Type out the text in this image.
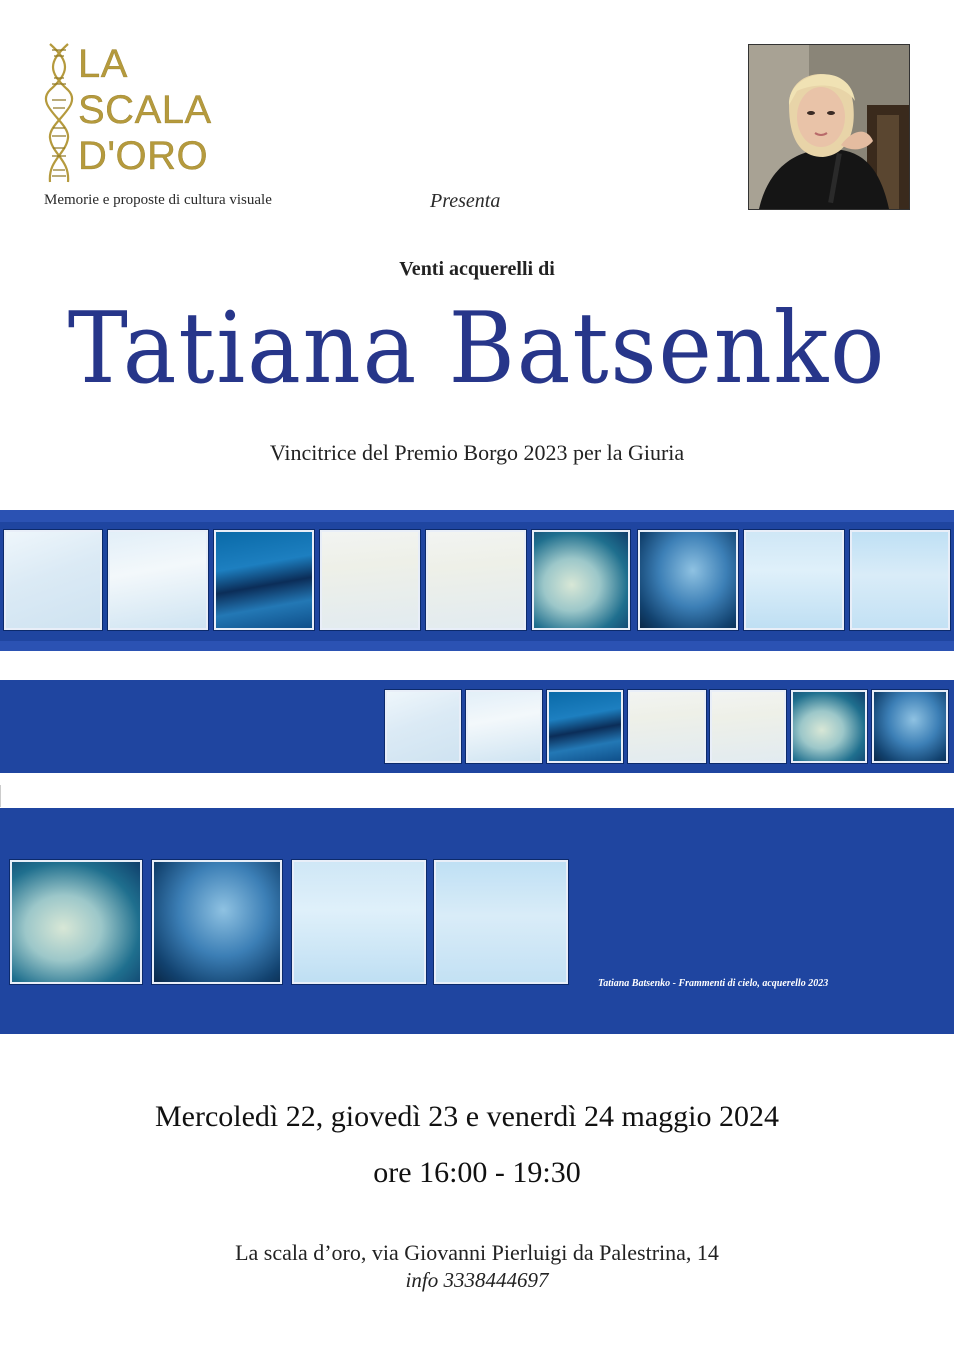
LA
SCALA
D'ORO
Memorie e proposte di cultura visuale	Presenta
Venti acquerelli di
Tatiana Batsenko
Vincitrice del Premio Borgo 2023 per la Giuria
Tatiana Batsenko - Frammenti di cielo, acquerello 2023
Mercoledì 22, giovedì 23 e venerdì 24 maggio 2024
ore 16:00 - 19:30
La scala d’oro, via Giovanni Pierluigi da Palestrina, 14
info 3338444697
